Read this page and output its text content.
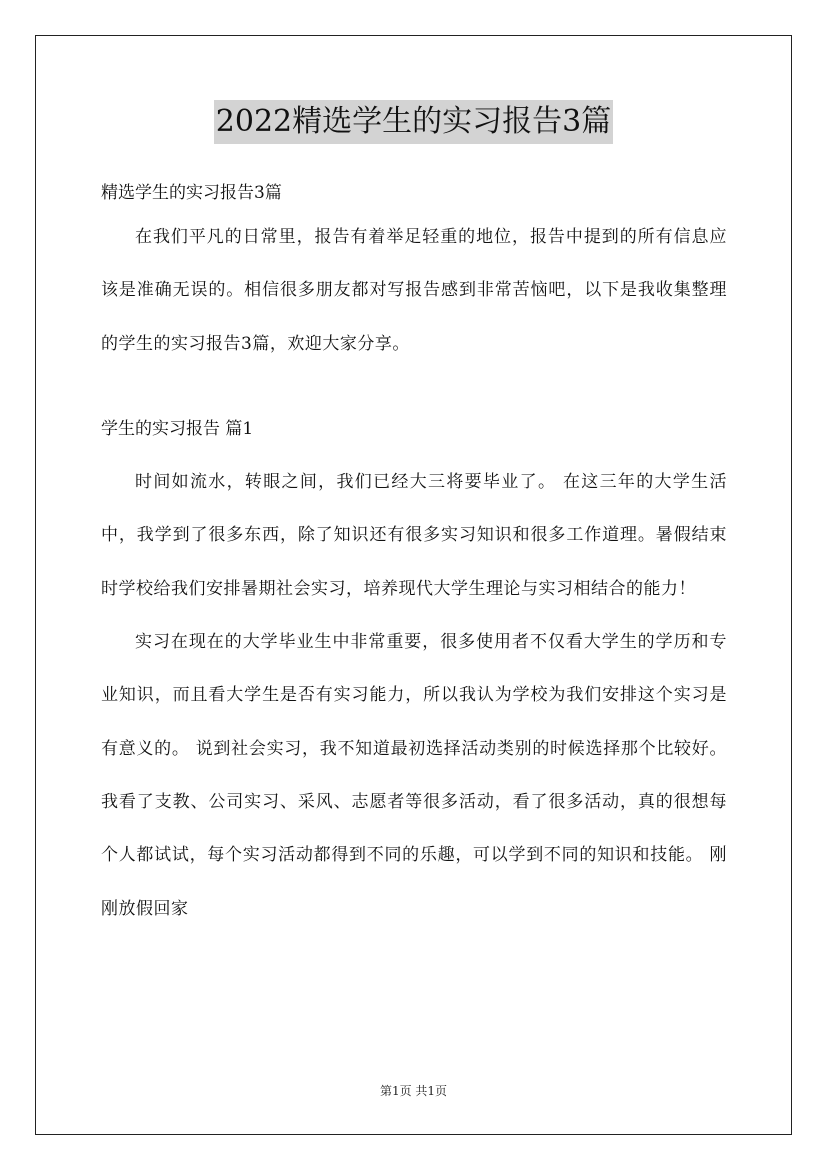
2022精选学生的实习报告3篇

精选学生的实习报告3篇

在我们平凡的日常里，报告有着举足轻重的地位，报告中提到的所有信息应该是准确无误的。相信很多朋友都对写报告感到非常苦恼吧，以下是我收集整理的学生的实习报告3篇，欢迎大家分享。

学生的实习报告 篇1

时间如流水，转眼之间，我们已经大三将要毕业了。 在这三年的大学生活中，我学到了很多东西，除了知识还有很多实习知识和很多工作道理。暑假结束时学校给我们安排暑期社会实习，培养现代大学生理论与实习相结合的能力！

实习在现在的大学毕业生中非常重要，很多使用者不仅看大学生的学历和专业知识，而且看大学生是否有实习能力，所以我认为学校为我们安排这个实习是有意义的。 说到社会实习，我不知道最初选择活动类别的时候选择那个比较好。 我看了支教、公司实习、采风、志愿者等很多活动，看了很多活动，真的很想每个人都试试，每个实习活动都得到不同的乐趣，可以学到不同的知识和技能。 刚刚放假回家

第1页 共1页
